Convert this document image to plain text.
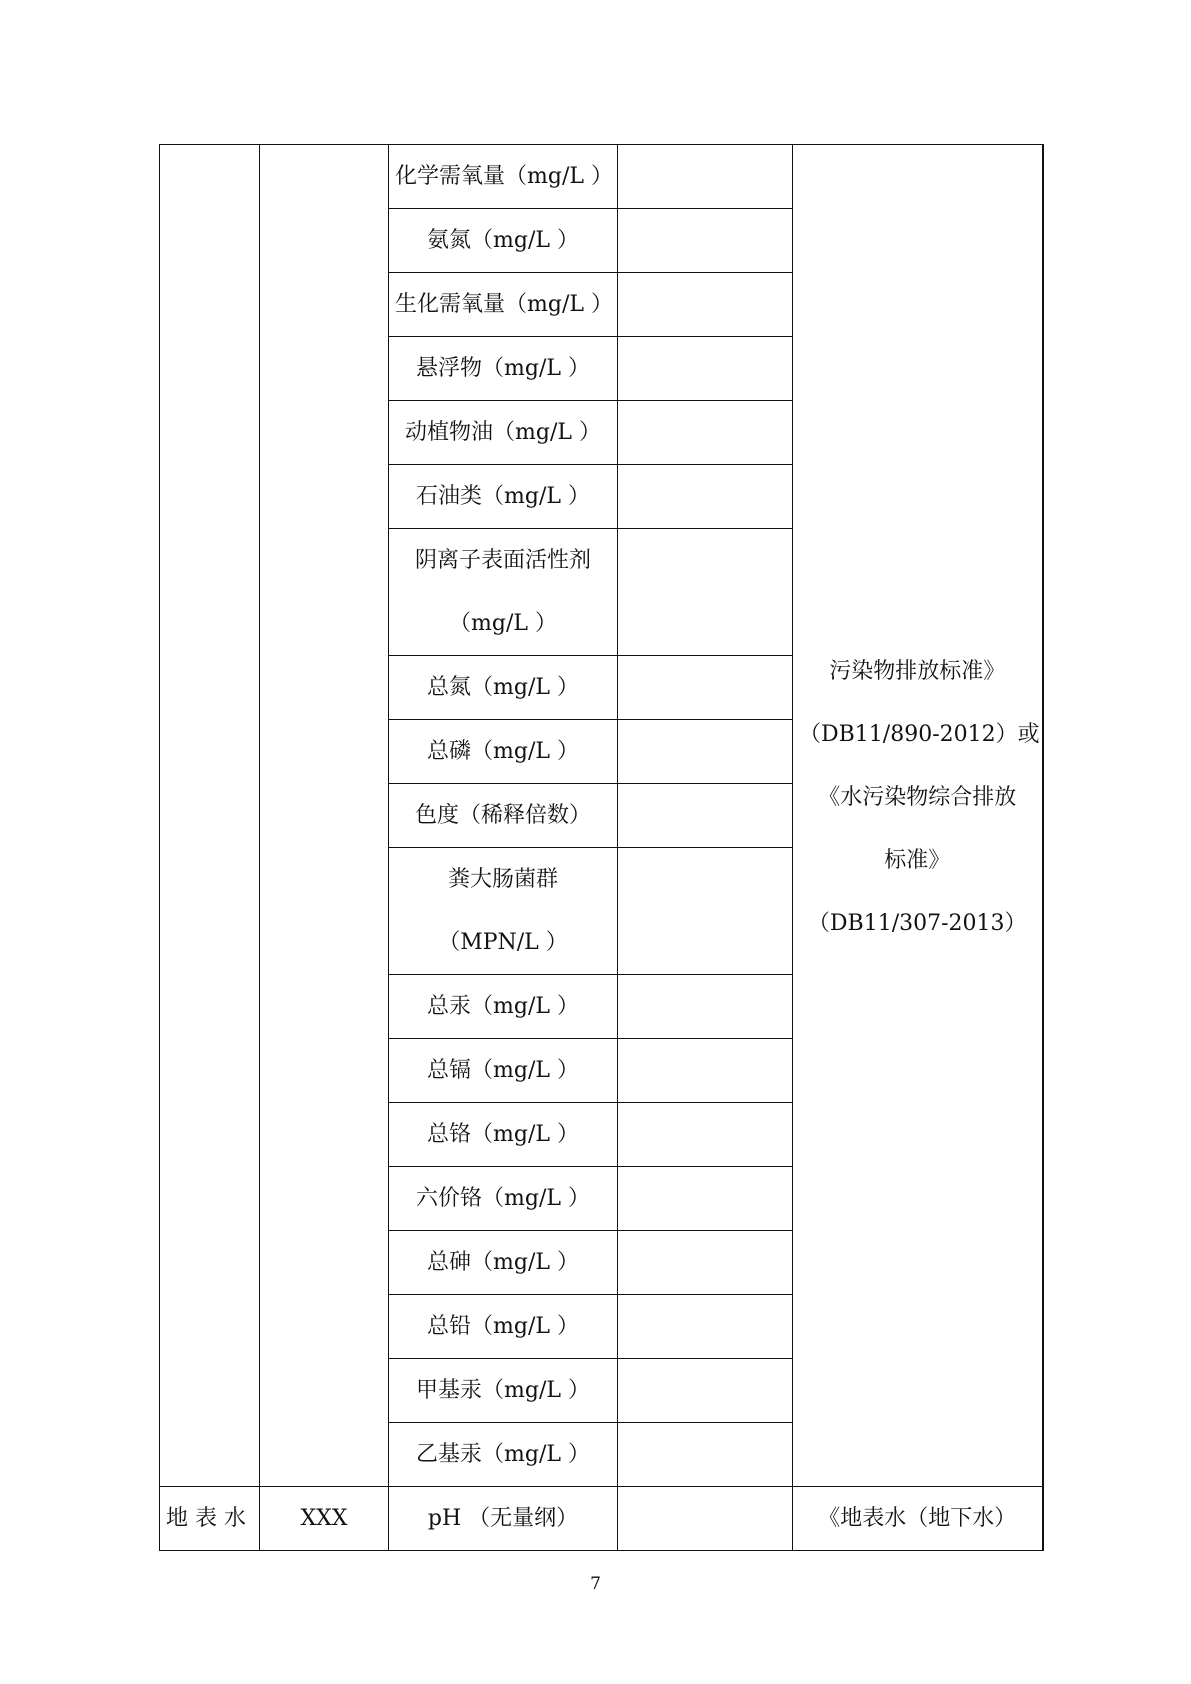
		化学需氧量（mg/L ）		污染物排放标准》
（DB11/890-2012）或
《水污染物综合排放
标准》
（DB11/307-2013）

		氨氮（mg/L ）		
		生化需氧量（mg/L ）		
		悬浮物（mg/L ）		
		动植物油（mg/L ）		
		石油类（mg/L ）		

		阴离子表面活性剂
（mg/L ）		

		总氮（mg/L ）		
		总磷（mg/L ）		
		色度（稀释倍数）		

		粪大肠菌群
（MPN/L ）		

		总汞（mg/L ）		
		总镉（mg/L ）		
		总铬（mg/L ）		
		六价铬（mg/L ）		
		总砷（mg/L ）		
		总铅（mg/L ）		
		甲基汞（mg/L ）		
		乙基汞（mg/L ）		
地表水	XXX	pH （无量纲）		《地表水（地下水）
7
